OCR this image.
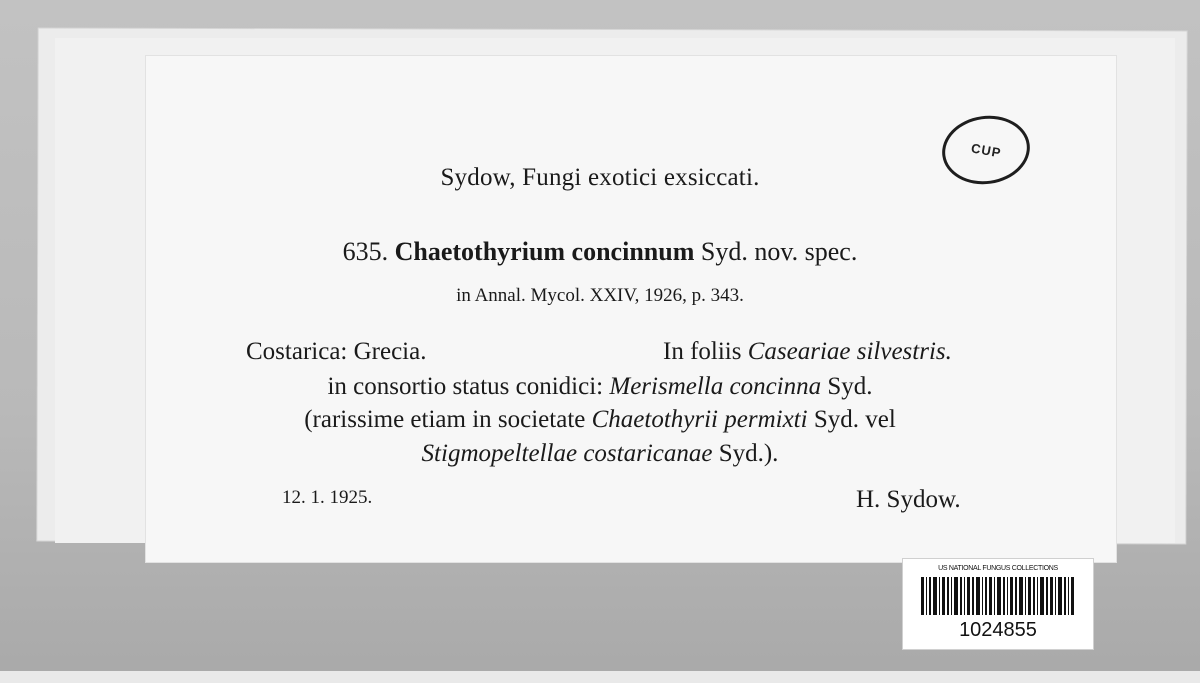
CUP
Sydow, Fungi exotici exsiccati.
635. Chaetothyrium concinnum Syd. nov. spec.
in Annal. Mycol. XXIV, 1926, p. 343.
Costarica: Grecia.	In foliis Caseariae silvestris.
in consortio status conidici: Merismella concinna Syd.
(rarissime etiam in societate Chaetothyrii permixti Syd. vel
Stigmopeltellae costaricanae Syd.).
12. 1. 1925.	H. Sydow.
US NATIONAL FUNGUS COLLECTIONS
1024855
